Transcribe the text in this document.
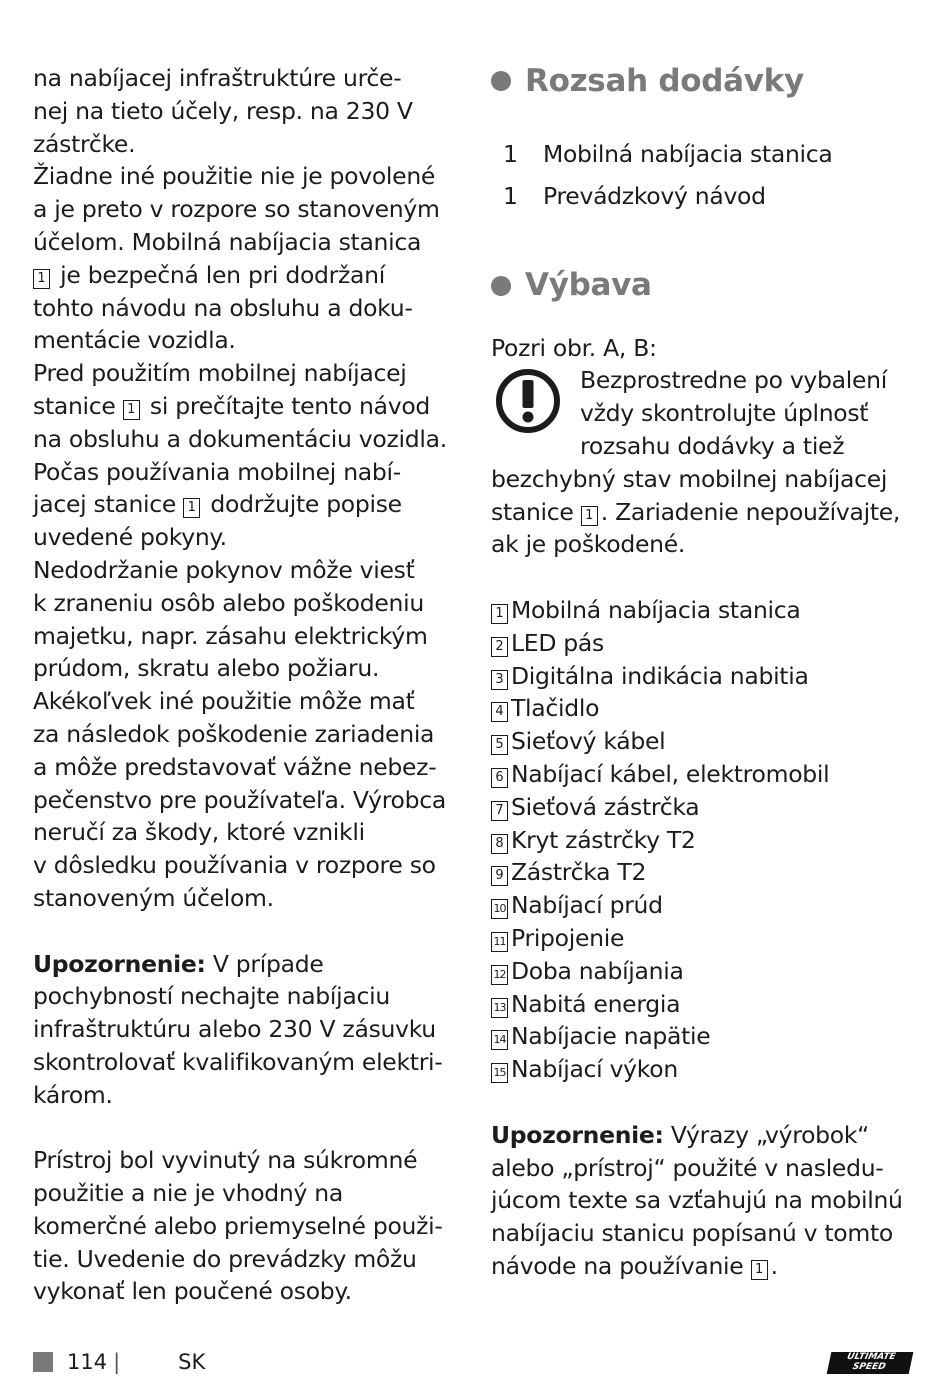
na nabíjacej infraštruktúre urče-
nej na tieto účely, resp. na 230 V
zástrčke.

Žiadne iné použitie nie je povolené
a je preto v rozpore so stanoveným
účelom. Mobilná nabíjacia stanica
1 je bezpečná len pri dodržaní
tohto návodu na obsluhu a doku-
mentácie vozidla.

Pred použitím mobilnej nabíjacej
stanice 1 si prečítajte tento návod
na obsluhu a dokumentáciu vozidla.
Počas používania mobilnej nabí-
jacej stanice 1 dodržujte popise
uvedené pokyny.

Nedodržanie pokynov môže viesť
k zraneniu osôb alebo poškodeniu
majetku, napr. zásahu elektrickým
prúdom, skratu alebo požiaru.
Akékoľvek iné použitie môže mať
za následok poškodenie zariadenia
a môže predstavovať vážne nebez-
pečenstvo pre používateľa. Výrobca
neručí za škody, ktoré vznikli
v dôsledku používania v rozpore so
stanoveným účelom.

Upozornenie: V prípade
pochybností nechajte nabíjaciu
infraštruktúru alebo 230 V zásuvku
skontrolovať kvalifikovaným elektri-
károm.

Prístroj bol vyvinutý na súkromné
použitie a nie je vhodný na
komerčné alebo priemyselné použi-
tie. Uvedenie do prevádzky môžu
vykonať len poučené osoby.

Rozsah dodávky
1	Mobilná nabíjacia stanica
1	Prevádzkový návod
Výbava

Pozri obr. A, B:

Bezprostredne po vybalení
vždy skontrolujte úplnosť
rozsahu dodávky a tiež

bezchybný stav mobilnej nabíjacej
stanice 1 . Zariadenie nepoužívajte,
ak je poškodené.

1 Mobilná nabíjacia stanica
2 LED pás
3 Digitálna indikácia nabitia
4 Tlačidlo
5 Sieťový kábel
6 Nabíjací kábel, elektromobil
7 Sieťová zástrčka
8 Kryt zástrčky T2
9 Zástrčka T2
10 Nabíjací prúd
11 Pripojenie
12 Doba nabíjania
13 Nabitá energia
14 Nabíjacie napätie
15 Nabíjací výkon

Upozornenie: Výrazy „výrobok“
alebo „prístroj“ použité v nasledu-
júcom texte sa vzťahujú na mobilnú
nabíjaciu stanicu popísanú v tomto
návode na používanie 1 .

114 |	SK	ULTIMATE
SPEED
